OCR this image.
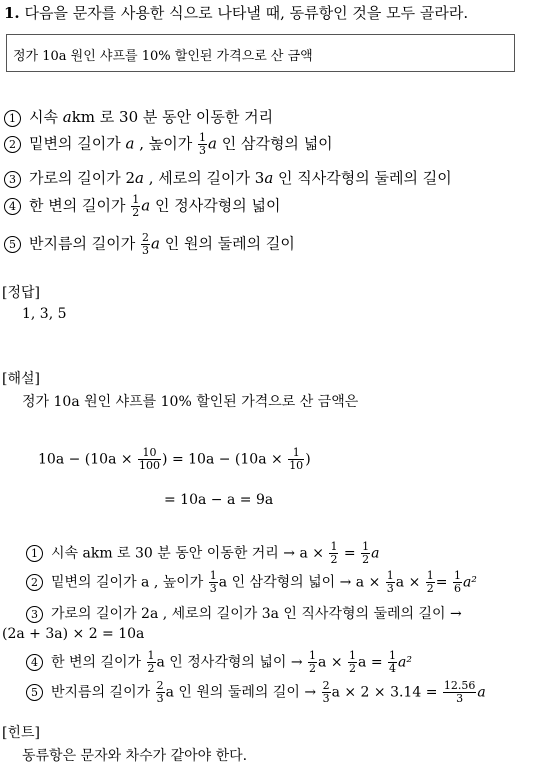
1. 다음을 문자를 사용한 식으로 나타낼 때, 동류항인 것을 모두 골라라.
정가 10a 원인 샤프를 10% 할인된 가격으로 산 금액
1 시속 akm 로 30 분 동안 이동한 거리
2 밑변의 길이가 a , 높이가 $\frac{1}{3}$ a 인 삼각형의 넓이
3 가로의 길이가 2a , 세로의 길이가 3a 인 직사각형의 둘레의 길이
4 한 변의 길이가 $\frac{1}{2}$ a 인 정사각형의 넓이
5 반지름의 길이가 $\frac{2}{3}$ a 인 원의 둘레의 길이
[정답]
1, 3, 5
[해설]
정가 10a 원인 샤프를 10% 할인된 가격으로 산 금액은
$10a - (10a \times \frac{10}{100}$ ) = $10a - (10a \times \frac{1}{10}$ )
= 10a − a = 9a
1 시속 akm 로 30 분 동안 이동한 거리 → $a \times \frac{1}{2} = \frac{1}{2}$ a
2 밑변의 길이가 a , 높이가 $\frac{1}{3}$ a 인 삼각형의 넓이 → $a \times \frac{1}{3}$ $a \times \frac{1}{2} = \frac{1}{6} a^2$
3 가로의 길이가 2a , 세로의 길이가 3a 인 직사각형의 둘레의 길이 →
(2a + 3a) × 2 = 10a
4 한 변의 길이가 $\frac{1}{2}$ a 인 정사각형의 넓이 → $\frac{1}{2}$ $a \times \frac{1}{2}$ $a = \frac{1}{4} a^2$
5 반지름의 길이가 $\frac{2}{3}$ a 인 원의 둘레의 길이 → $\frac{2}{3}$ $a \times 2 \times 3.14 = \frac{12.56}{3}$ a
[힌트]
동류항은 문자와 차수가 같아야 한다.
